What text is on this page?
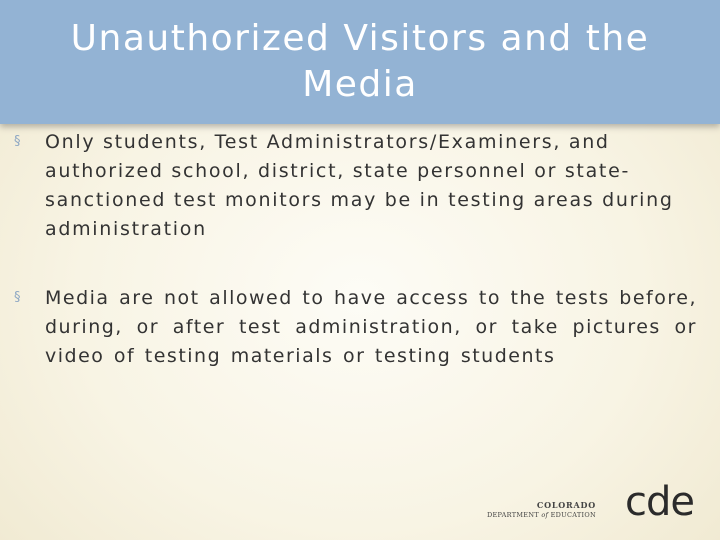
Unauthorized Visitors and the
Media
§ Only students, Test Administrators/Examiners, and authorized school, district, state personnel or state-sanctioned test monitors may be in testing areas during administration
§ Media are not allowed to have access to the tests before, during, or after test administration, or take pictures or video of testing materials or testing students
COLORADO
DEPARTMENT of EDUCATION cde
